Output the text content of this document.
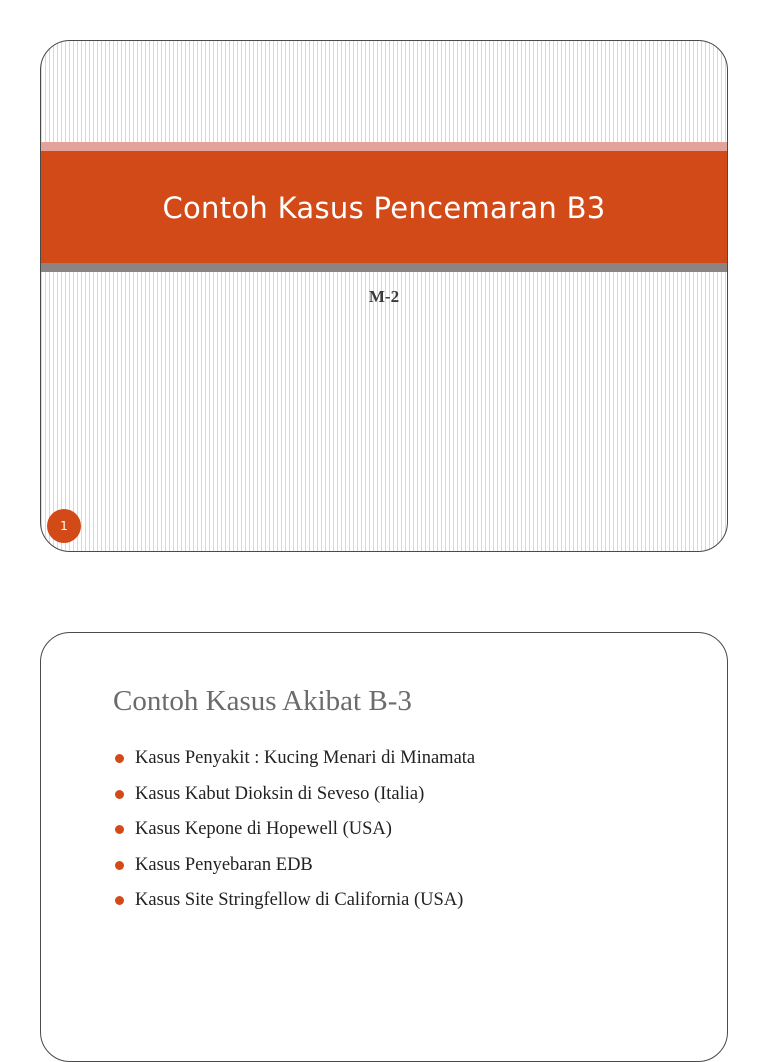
Contoh Kasus Pencemaran B3
M-2
1
Contoh Kasus Akibat B-3
Kasus Penyakit : Kucing Menari di Minamata
Kasus Kabut Dioksin di Seveso (Italia)
Kasus Kepone di Hopewell (USA)
Kasus Penyebaran EDB
Kasus Site Stringfellow di California (USA)
